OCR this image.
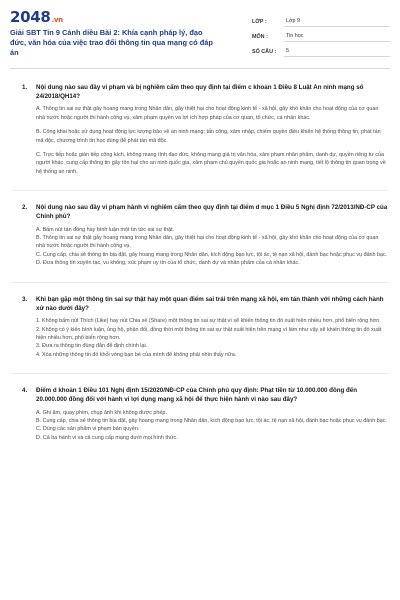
2048 .vn
Giải SBT Tin 9 Cánh diều Bài 2: Khía cạnh pháp lý, đạo đức, văn hóa của việc trao đổi thông tin qua mạng có đáp án
LỚP :	Lớp 9
MÔN :	Tin học
SỐ CÂU :	5
1.	Nội dung nào sau đây vi phạm và bị nghiêm cấm theo quy định tại điểm c khoản 1 Điều 8 Luật An ninh mạng số 24/2018/QH14?
A. Thông tin sai sự thật gây hoang mang trong Nhân dân, gây thiệt hại cho hoạt động kinh tế - xã hội, gây khó khăn cho hoạt động của cơ quan nhà nước hoặc người thi hành công vụ, xâm phạm quyền và lợi ích hợp pháp của cơ quan, tổ chức, cá nhân khác.
B. Công khai hoặc sử dụng hoạt động lực lượng bảo vệ an ninh mạng; tấn công, xâm nhập, chiếm quyền điều khiển hệ thống thông tin, phát tán mã độc, chương trình tin học dùng để phát tán mã độc.
C. Trực tiếp hoặc gián tiếp công kích, không mang tính đạo đức, không mang giá trị văn hóa, xâm phạm nhân phẩm, danh dự, quyền riêng tư của người khác, cung cấp thông tin gây tổn hại cho an ninh quốc gia, xâm phạm chủ quyền quốc gia hoặc an ninh mạng, tiết lộ thông tin quan trọng về hệ thống an ninh.
2.	Nội dung nào sau đây vi phạm hành vi nghiêm cấm theo quy định tại điểm d mục 1 Điều 5 Nghị định 72/2013/NĐ-CP của Chính phủ?
A. Bấm nút tán đồng hay bình luận một tin tức sai sự thật.
B. Thông tin sai sự thật gây hoang mang trong Nhân dân, gây thiệt hại cho hoạt động kinh tế - xã hội, gây khó khăn cho hoạt động của cơ quan nhà nước hoặc người thi hành công vụ.
C. Cung cấp, chia sẻ thông tin bịa đặt, gây hoang mang trong Nhân dân, kích động bạo lực, tội ác, tệ nạn xã hội, đánh bạc hoặc phục vụ đánh bạc.
D. Đưa thông tin xuyên tạc, vu khống, xúc phạm uy tín của tổ chức, danh dự và nhân phẩm của cá nhân khác.
3.	Khi bạn gặp một thông tin sai sự thật hay một quan điểm sai trái trên mạng xã hội, em tán thành với những cách hành xử nào dưới đây?
1. Không bấm nút Thích (Like) hay nút Chia sẻ (Share) một thông tin sai sự thật vì sẽ khiến thông tin đó xuất hiện nhiều hơn, phổ biến rộng hơn.
2. Không có ý kiến bình luận, ủng hộ, phản đối, đồng thời một thông tin sai sự thật xuất hiện trên mạng vì làm như vậy sẽ khiến thông tin đó xuất hiện nhiều hơn, phổ biến rộng hơn.
3. Đưa ra thông tin đúng đắn để định chính lại.
4. Xóa những thông tin đó khỏi vòng bạn bè của mình để không phải nhìn thấy nữa.
4.	Điểm d khoản 1 Điều 101 Nghị định 15/2020/NĐ-CP của Chính phủ quy định: Phạt tiền từ 10.000.000 đồng đến 20.000.000 đồng đối với hành vi lợi dụng mạng xã hội để thực hiện hành vi nào sau đây?
A. Ghi âm, quay phim, chụp ảnh khi không được phép.
B. Cung cấp, chia sẻ thông tin bịa đặt, gây hoang mang trong Nhân dân, kích động bạo lực, tội ác, tệ nạn xã hội, đánh bạc hoặc phục vụ đánh bạc.
C. Dùng các sản phẩm vi phạm bản quyền.
D. Cả ba hành vi và cả cung cấp mạng dưới mọi hình thức.
